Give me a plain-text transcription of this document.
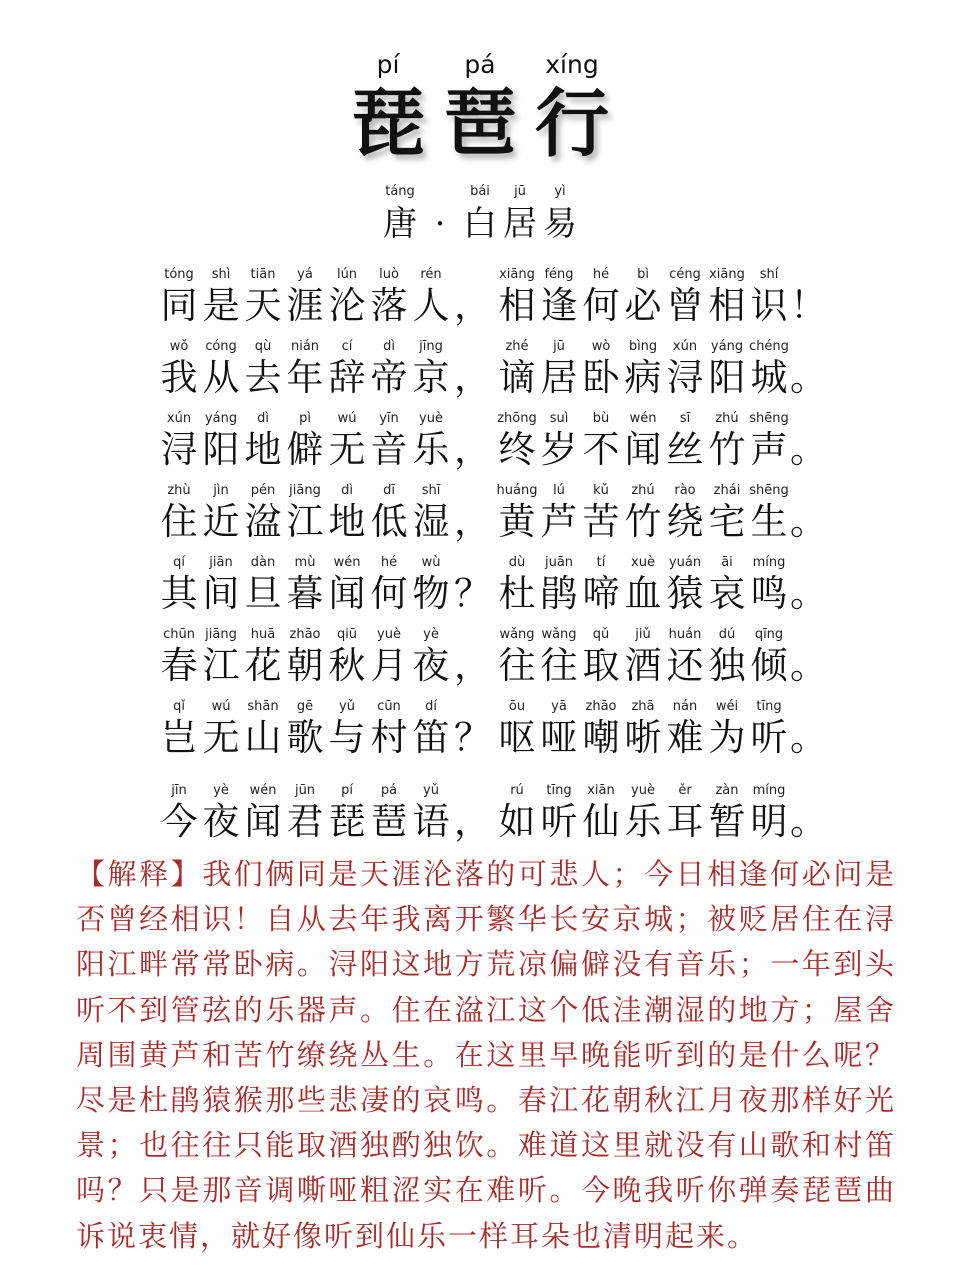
pí	pá	xíng
琵 琶 行
táng	bái	jū	yì
唐 · 白 居 易
tóng
同
shì
是
tiān
天
yá
涯
lún
沦
luò
落
rén
人
xiāng
相
féng
逢
hé
何
bì
必
céng
曾
xiāng
相
shí
识
，	！
wǒ
我
cóng
从
qù
去
nián
年
cí
辞
dì
帝
jīng
京
zhé
谪
jū
居
wò
卧
bìng
病
xún
浔
yáng
阳
chéng
城
，	。
xún
浔
yáng
阳
dì
地
pì
僻
wú
无
yīn
音
yuè
乐
zhōng
终
suì
岁
bù
不
wén
闻
sī
丝
zhú
竹
shēng
声
，	。
zhù
住
jìn
近
pén
湓
jiāng
江
dì
地
dī
低
shī
湿
huáng
黄
lú
芦
kǔ
苦
zhú
竹
rào
绕
zhái
宅
shēng
生
，	。
qí
其
jiān
间
dàn
旦
mù
暮
wén
闻
hé
何
wù
物
dù
杜
juān
鹃
tí
啼
xuè
血
yuán
猿
āi
哀
míng
鸣
？	。
chūn
春
jiāng
江
huā
花
zhāo
朝
qiū
秋
yuè
月
yè
夜
wǎng
往
wǎng
往
qǔ
取
jiǔ
酒
huán
还
dú
独
qīng
倾
，	。
qǐ
岂
wú
无
shān
山
gē
歌
yǔ
与
cūn
村
dí
笛
ōu
呕
yā
哑
zhāo
嘲
zhā
哳
nán
难
wéi
为
tīng
听
？	。
jīn
今
yè
夜
wén
闻
jūn
君
pí
琵
pá
琶
yǔ
语
rú
如
tīng
听
xiān
仙
yuè
乐
ěr
耳
zàn
暂
míng
明
，	。
【解释】我们俩同是天涯沦落的可悲人；今日相逢何必问是否曾经相识！自从去年我离开繁华长安京城；被贬居住在浔阳江畔常常卧病。浔阳这地方荒凉偏僻没有音乐；一年到头听不到管弦的乐器声。住在湓江这个低洼潮湿的地方；屋舍周围黄芦和苦竹缭绕丛生。在这里早晚能听到的是什么呢？尽是杜鹃猿猴那些悲凄的哀鸣。春江花朝秋江月夜那样好光景；也往往只能取酒独酌独饮。难道这里就没有山歌和村笛吗？只是那音调嘶哑粗涩实在难听。今晚我听你弹奏琵琶曲诉说衷情，就好像听到仙乐一样耳朵也清明起来。
